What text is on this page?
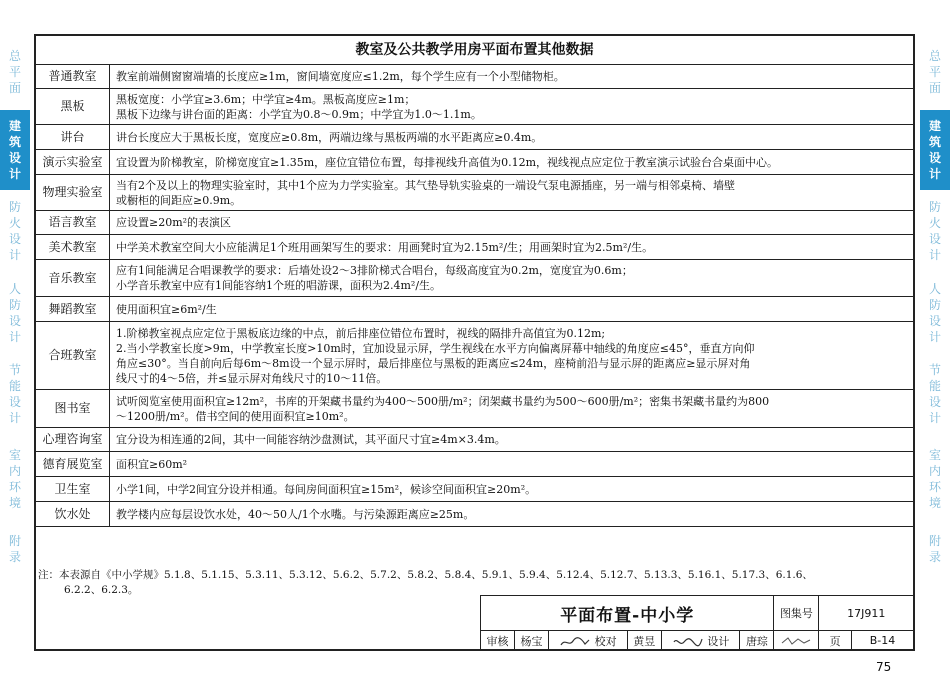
总
平
面
建
筑
设
计
防
火
设
计
人
防
设
计
节
能
设
计
室
内
环
境
附
录
总
平
面
建
筑
设
计
防
火
设
计
人
防
设
计
节
能
设
计
室
内
环
境
附
录
教室及公共教学用房平面布置其他数据	
普通教室	教室前端侧窗窗端墙的长度应≥1m，窗间墙宽度应≤1.2m，每个学生应有一个小型储物柜。

黑板	黑板宽度：小学宜≥3.6m；中学宜≥4m。黑板高度应≥1m；
黑板下边缘与讲台面的距离：小学宜为0.8～0.9m；中学宜为1.0～1.1m。

讲台	讲台长度应大于黑板长度，宽度应≥0.8m，两端边缘与黑板两端的水平距离应≥0.4m。

演示实验室	宜设置为阶梯教室，阶梯宽度宜≥1.35m，座位宜错位布置，每排视线升高值为0.12m，视线视点应定位于教室演示试验台合桌面中心。

物理实验室	当有2个及以上的物理实验室时，其中1个应为力学实验室。其气垫导轨实验桌的一端设气泵电源插座，另一端与相邻桌椅、墙壁
或橱柜的间距应≥0.9m。

语言教室	应设置≥20m²的表演区

美术教室	中学美术教室空间大小应能满足1个班用画架写生的要求：用画凳时宜为2.15m²/生；用画架时宜为2.5m²/生。

音乐教室	应有1间能满足合唱课教学的要求：后墙处设2～3排阶梯式合唱台，每级高度宜为0.2m，宽度宜为0.6m；
小学音乐教室中应有1间能容纳1个班的唱游课，面积为2.4m²/生。

舞蹈教室	使用面积宜≥6m²/生

合班教室	1.阶梯教室视点应定位于黑板底边缘的中点，前后排座位错位布置时，视线的隔排升高值宜为0.12m;
2.当小学教室长度>9m，中学教室长度>10m时，宜加设显示屏，学生视线在水平方向偏离屏幕中轴线的角度应≤45°，垂直方向仰
角应≤30°。当自前向后每6m～8m设一个显示屏时，最后排座位与黑板的距离应≤24m，座椅前沿与显示屏的距离应≥显示屏对角
线尺寸的4～5倍，并≤显示屏对角线尺寸的10～11倍。

图书室	试听阅览室使用面积宜≥12m²，书库的开架藏书量约为400～500册/m²；闭架藏书量约为500～600册/m²；密集书架藏书量约为800
～1200册/m²。借书空间的使用面积宜≥10m²。

心理咨询室	宜分设为相连通的2间，其中一间能容纳沙盘测试，其平面尺寸宜≥4m×3.4m。

德育展览室	面积宜≥60m²

卫生室	小学1间，中学2间宜分设并相通。每间房间面积宜≥15m²，候诊空间面积宜≥20m²。

饮水处	教学楼内应每层设饮水处，40～50人/1个水嘴。与污染源距离应≥25m。
注：本表源自《中小学规》5.1.8、5.1.15、5.3.11、5.3.12、5.6.2、5.7.2、5.8.2、5.8.4、5.9.1、5.9.4、5.12.4、5.12.7、5.13.3、5.16.1、5.17.3、6.1.6、
6.2.2、6.2.3。
平面布置-中小学						图集号	17J911	
审核	杨宝	校对	黄昱	设计	唐琮		页	B-14
75
